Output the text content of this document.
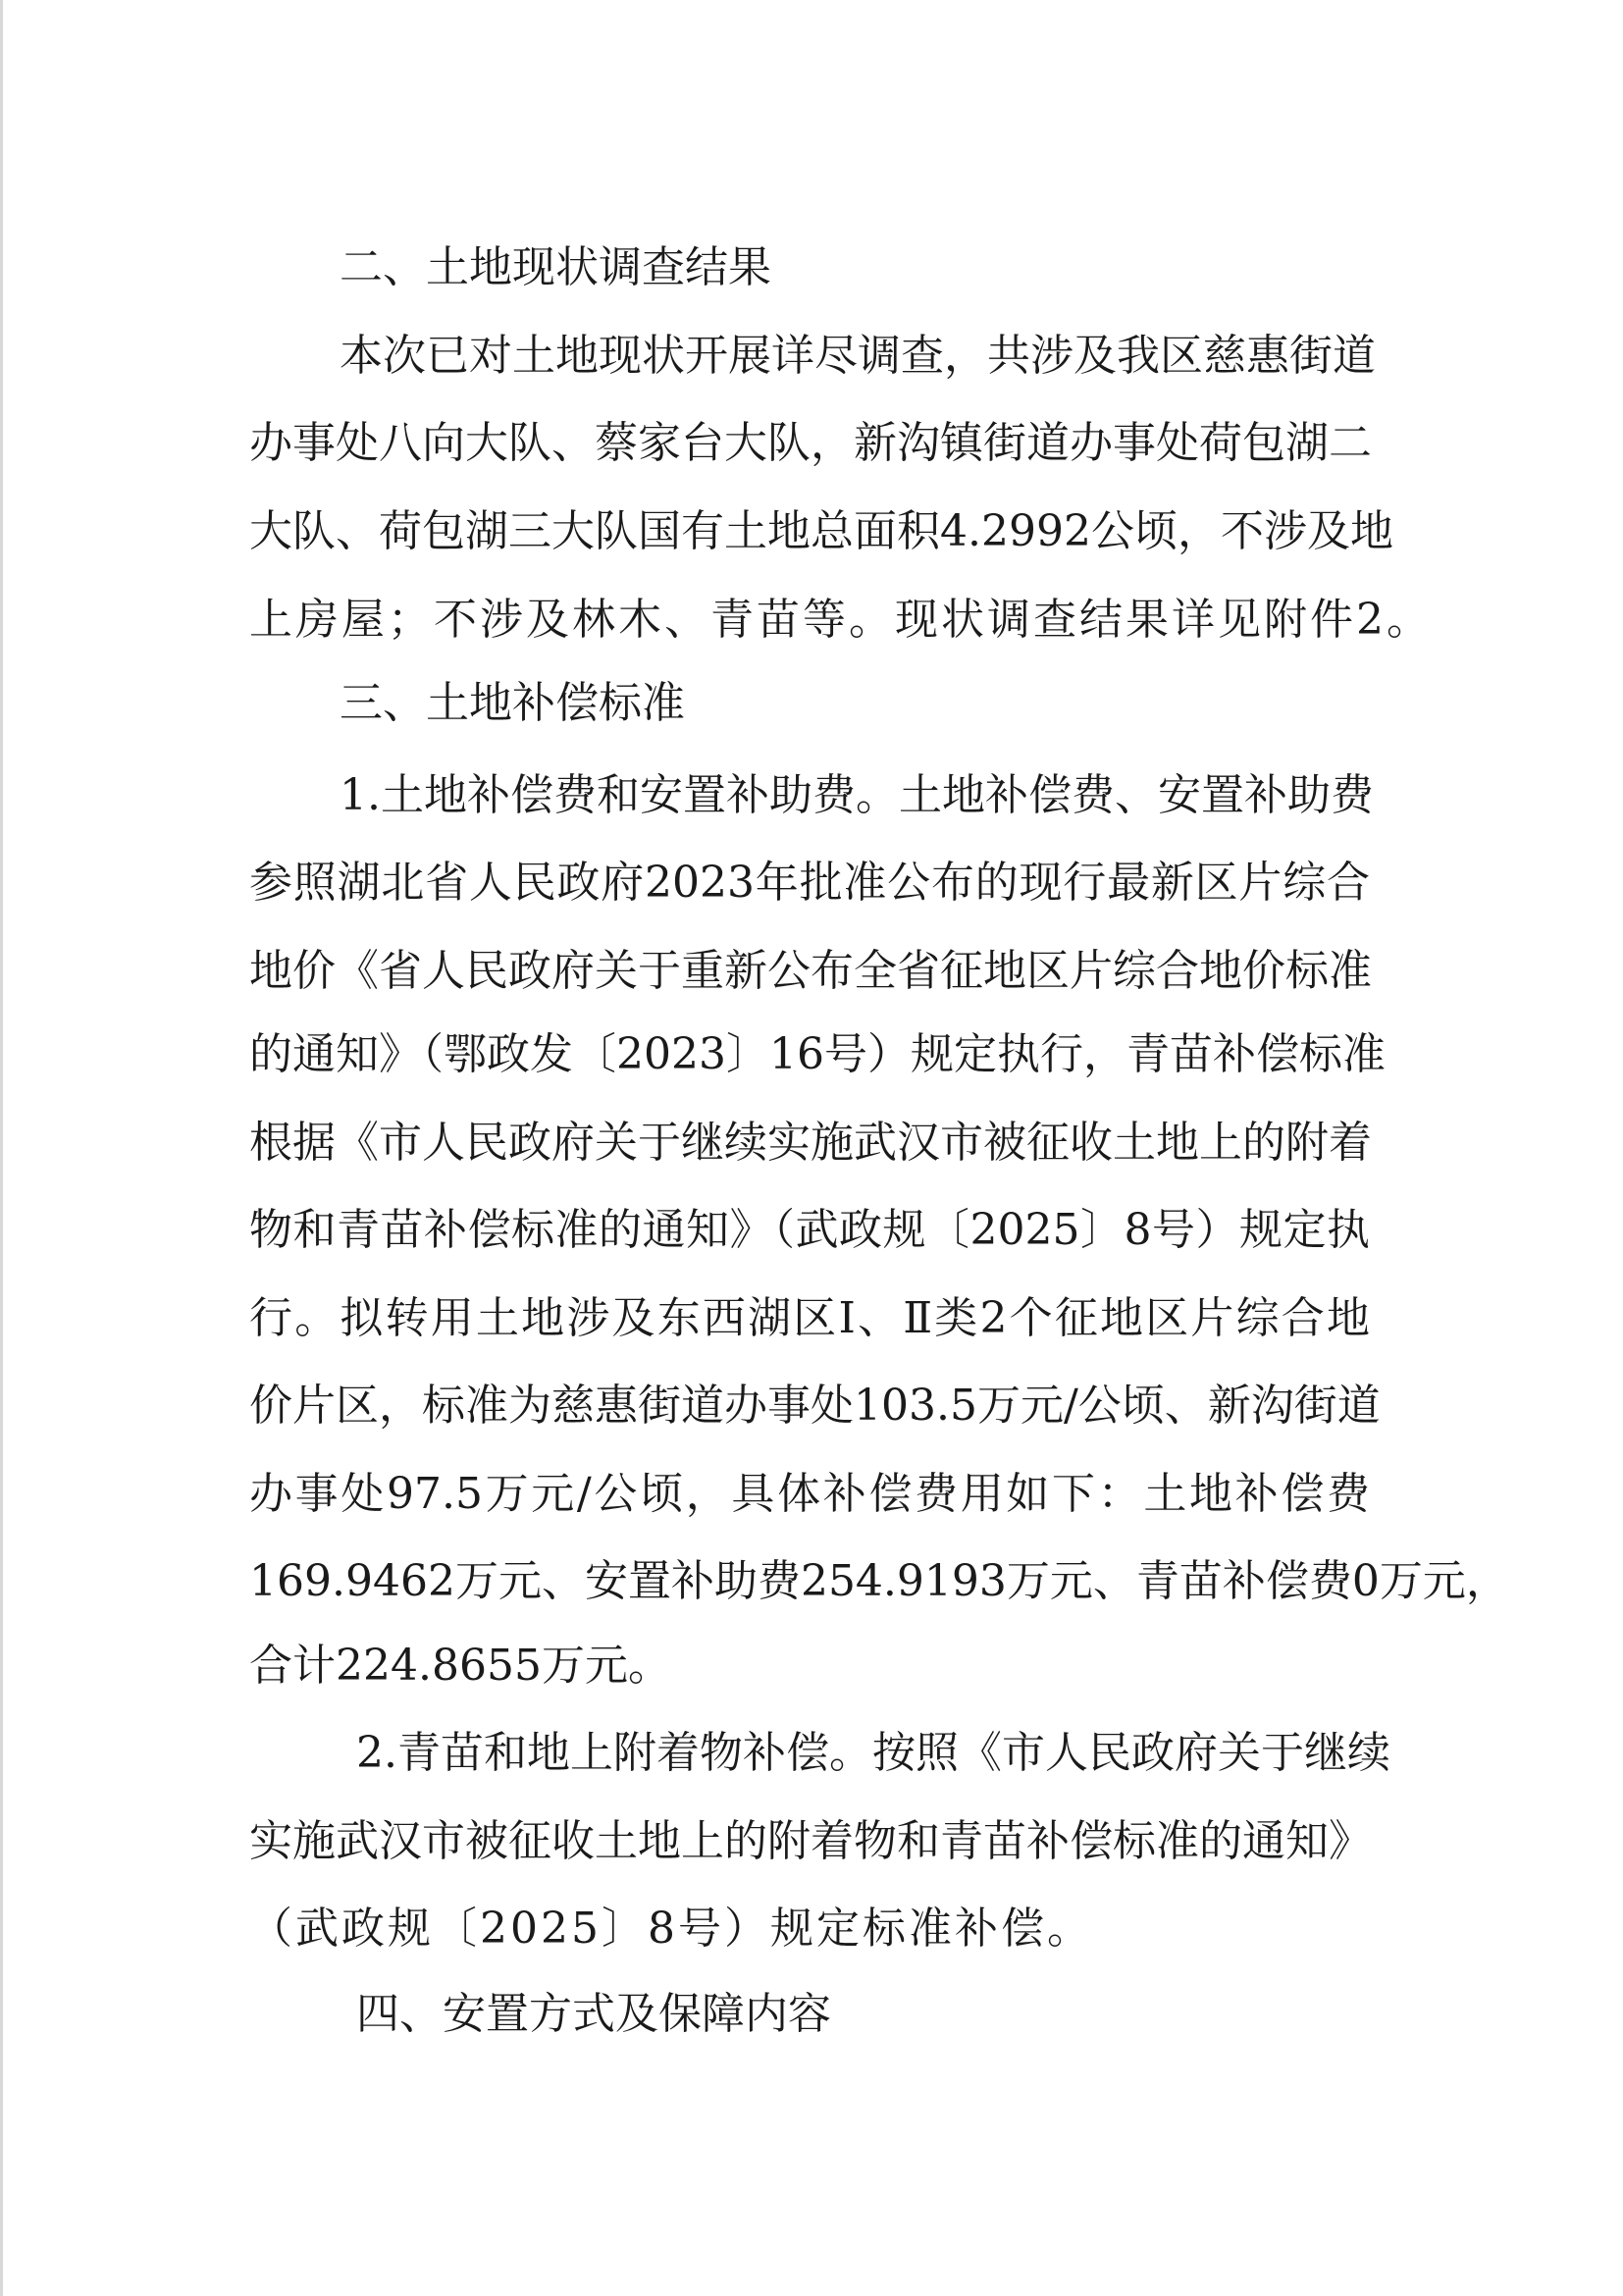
二、土地现状调查结果
本次已对土地现状开展详尽调查，共涉及我区慈惠街道
办事处八向大队、蔡家台大队，新沟镇街道办事处荷包湖二
大队、荷包湖三大队国有土地总面积4.2992公顷，不涉及地
上房屋；不涉及林木、青苗等。现状调查结果详见附件2。
三、土地补偿标准
1.土地补偿费和安置补助费。土地补偿费、安置补助费
参照湖北省人民政府2023年批准公布的现行最新区片综合
地价《省人民政府关于重新公布全省征地区片综合地价标准
的通知》（鄂政发〔2023〕16号）规定执行，青苗补偿标准
根据《市人民政府关于继续实施武汉市被征收土地上的附着
物和青苗补偿标准的通知》（武政规〔2025〕8号）规定执
行。拟转用土地涉及东西湖区Ⅰ、Ⅱ类2个征地区片综合地
价片区，标准为慈惠街道办事处103.5万元/公顷、新沟街道
办事处97.5万元/公顷，具体补偿费用如下：土地补偿费
169.9462万元、安置补助费254.9193万元、青苗补偿费0万元，
合计224.8655万元。
2.青苗和地上附着物补偿。按照《市人民政府关于继续
实施武汉市被征收土地上的附着物和青苗补偿标准的通知》
（武政规〔2025〕8号）规定标准补偿。
四、安置方式及保障内容
